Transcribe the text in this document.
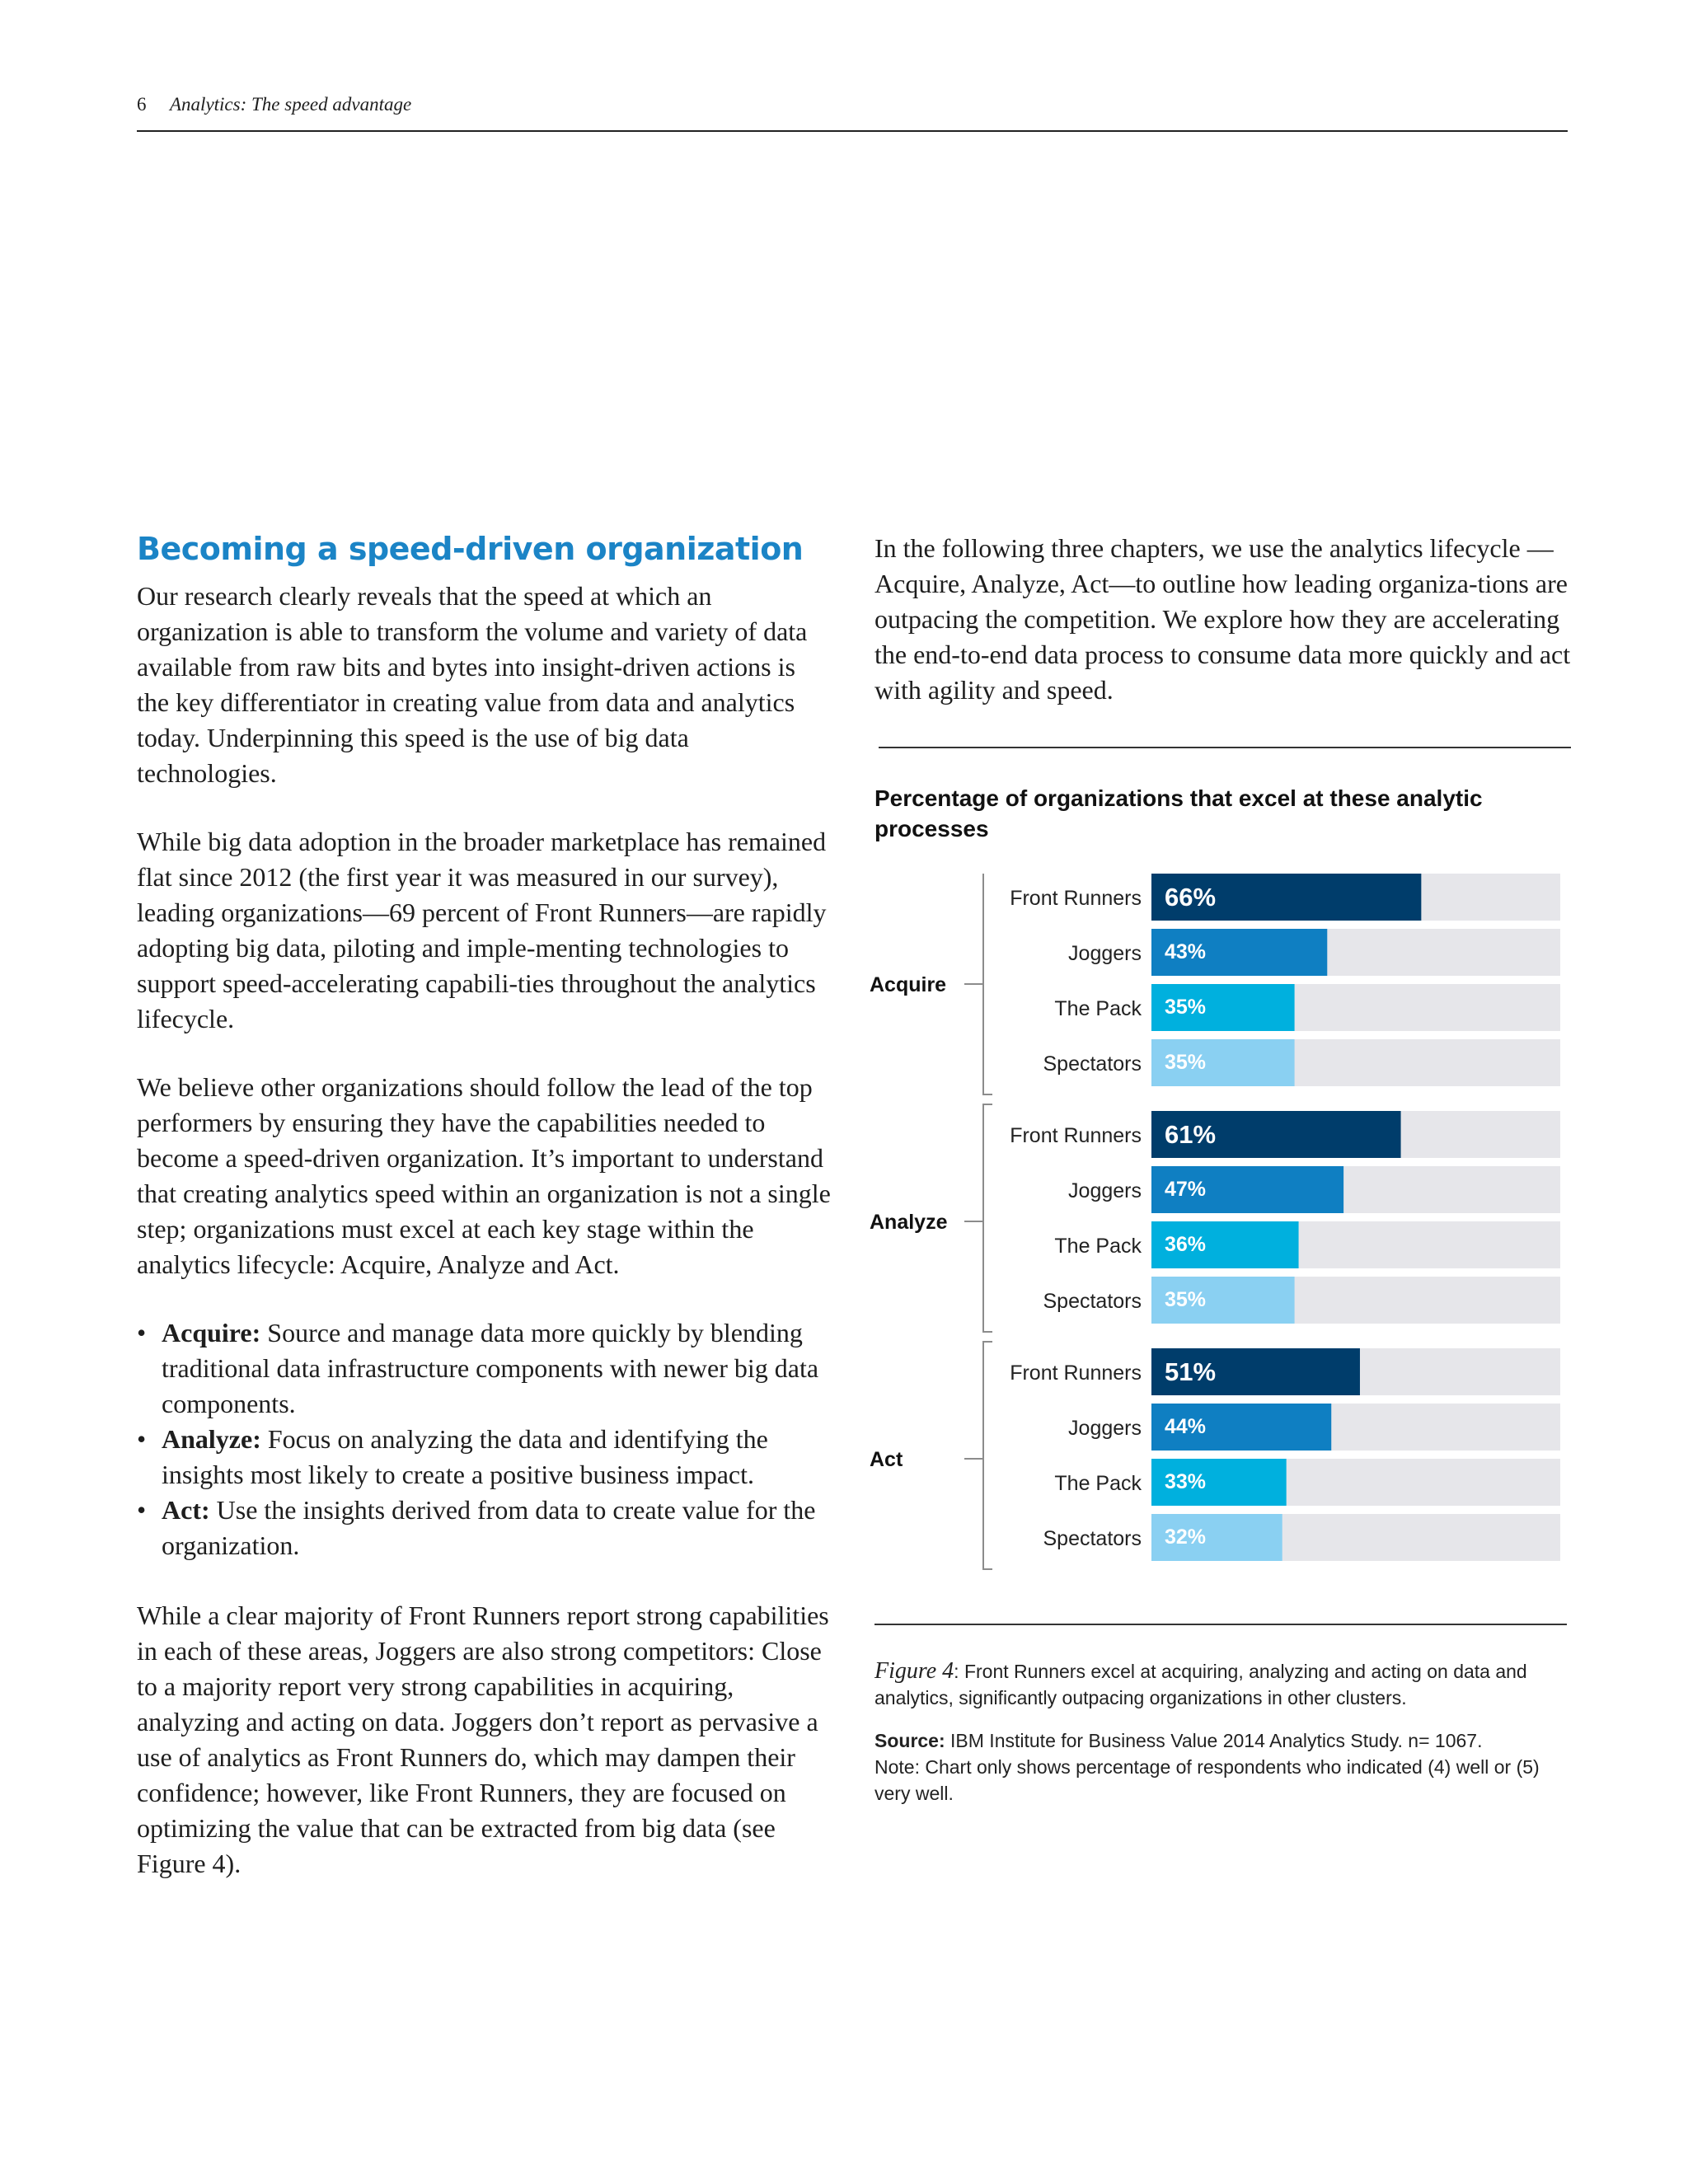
6 Analytics: The speed advantage
Becoming a speed-driven organization

Our research clearly reveals that the speed at which an organization is able to transform the volume and variety of data available from raw bits and bytes into insight-driven actions is the key differentiator in creating value from data and analytics today. Underpinning this speed is the use of big data technologies.

While big data adoption in the broader marketplace has remained flat since 2012 (the first year it was measured in our survey), leading organizations—69 percent of Front Runners—are rapidly adopting big data, piloting and imple-menting technologies to support speed-accelerating capabili-ties throughout the analytics lifecycle.

We believe other organizations should follow the lead of the top performers by ensuring they have the capabilities needed to become a speed-driven organization. It’s important to understand that creating analytics speed within an organization is not a single step; organizations must excel at each key stage within the analytics lifecycle: Acquire, Analyze and Act.

• Acquire: Source and manage data more quickly by blending traditional data infrastructure components with newer big data components.
• Analyze: Focus on analyzing the data and identifying the insights most likely to create a positive business impact.
• Act: Use the insights derived from data to create value for the organization.

While a clear majority of Front Runners report strong capabilities in each of these areas, Joggers are also strong competitors: Close to a majority report very strong capabilities in acquiring, analyzing and acting on data. Joggers don’t report as pervasive a use of analytics as Front Runners do, which may dampen their confidence; however, like Front Runners, they are focused on optimizing the value that can be extracted from big data (see Figure 4).

In the following three chapters, we use the analytics lifecycle —Acquire, Analyze, Act—to outline how leading organiza-tions are outpacing the competition. We explore how they are accelerating the end-to-end data process to consume data more quickly and act with agility and speed.

Percentage of organizations that excel at these analytic processes
Acquire
Front Runners 66%
Joggers 43%
The Pack 35%
Spectators 35%
Analyze
Front Runners 61%
Joggers 47%
The Pack 36%
Spectators 35%
Act
Front Runners 51%
Joggers 44%
The Pack 33%
Spectators 32%

Figure 4: Front Runners excel at acquiring, analyzing and acting on data and analytics, significantly outpacing organizations in other clusters.

Source: IBM Institute for Business Value 2014 Analytics Study. n= 1067.

Note: Chart only shows percentage of respondents who indicated (4) well or (5) very well.
